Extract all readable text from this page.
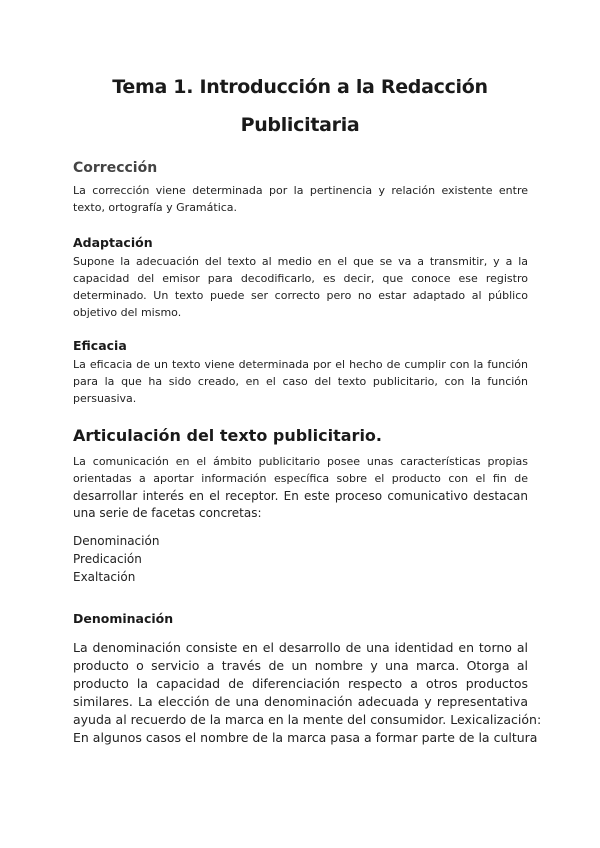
Tema 1. Introducción a la Redacción
Publicitaria
Corrección
La corrección viene determinada por la pertinencia y relación existente entre
texto, ortografía y Gramática.
Adaptación
Supone la adecuación del texto al medio en el que se va a transmitir, y a la
capacidad del emisor para decodificarlo, es decir, que conoce ese registro
determinado. Un texto puede ser correcto pero no estar adaptado al público
objetivo del mismo.
Eficacia
La eficacia de un texto viene determinada por el hecho de cumplir con la función
para la que ha sido creado, en el caso del texto publicitario, con la función
persuasiva.
Articulación del texto publicitario.
La comunicación en el ámbito publicitario posee unas características propias
orientadas a aportar información específica sobre el producto con el fin de
desarrollar interés en el receptor. En este proceso comunicativo destacan
una serie de facetas concretas:
Denominación
Predicación
Exaltación
Denominación
La denominación consiste en el desarrollo de una identidad en torno al
producto o servicio a través de un nombre y una marca. Otorga al
producto la capacidad de diferenciación respecto a otros productos
similares. La elección de una denominación adecuada y representativa
ayuda al recuerdo de la marca en la mente del consumidor. Lexicalización:
En algunos casos el nombre de la marca pasa a formar parte de la cultura
